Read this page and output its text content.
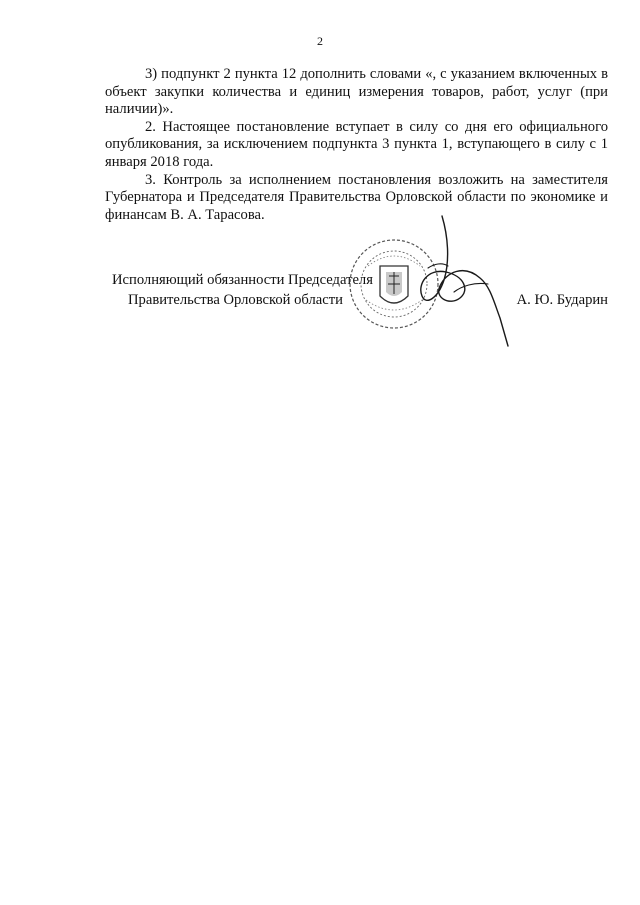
2

3) подпункт 2 пункта 12 дополнить словами «, с указанием включенных в объект закупки количества и единиц измерения товаров, работ, услуг (при наличии)».

2. Настоящее постановление вступает в силу со дня его официального опубликования, за исключением подпункта 3 пункта 1, вступающего в силу с 1 января 2018 года.

3. Контроль за исполнением постановления возложить на заместителя Губернатора и Председателя Правительства Орловской области по экономике и финансам В. А. Тарасова.

Исполняющий обязанности Председателя
Правительства Орловской области	А. Ю. Бударин
